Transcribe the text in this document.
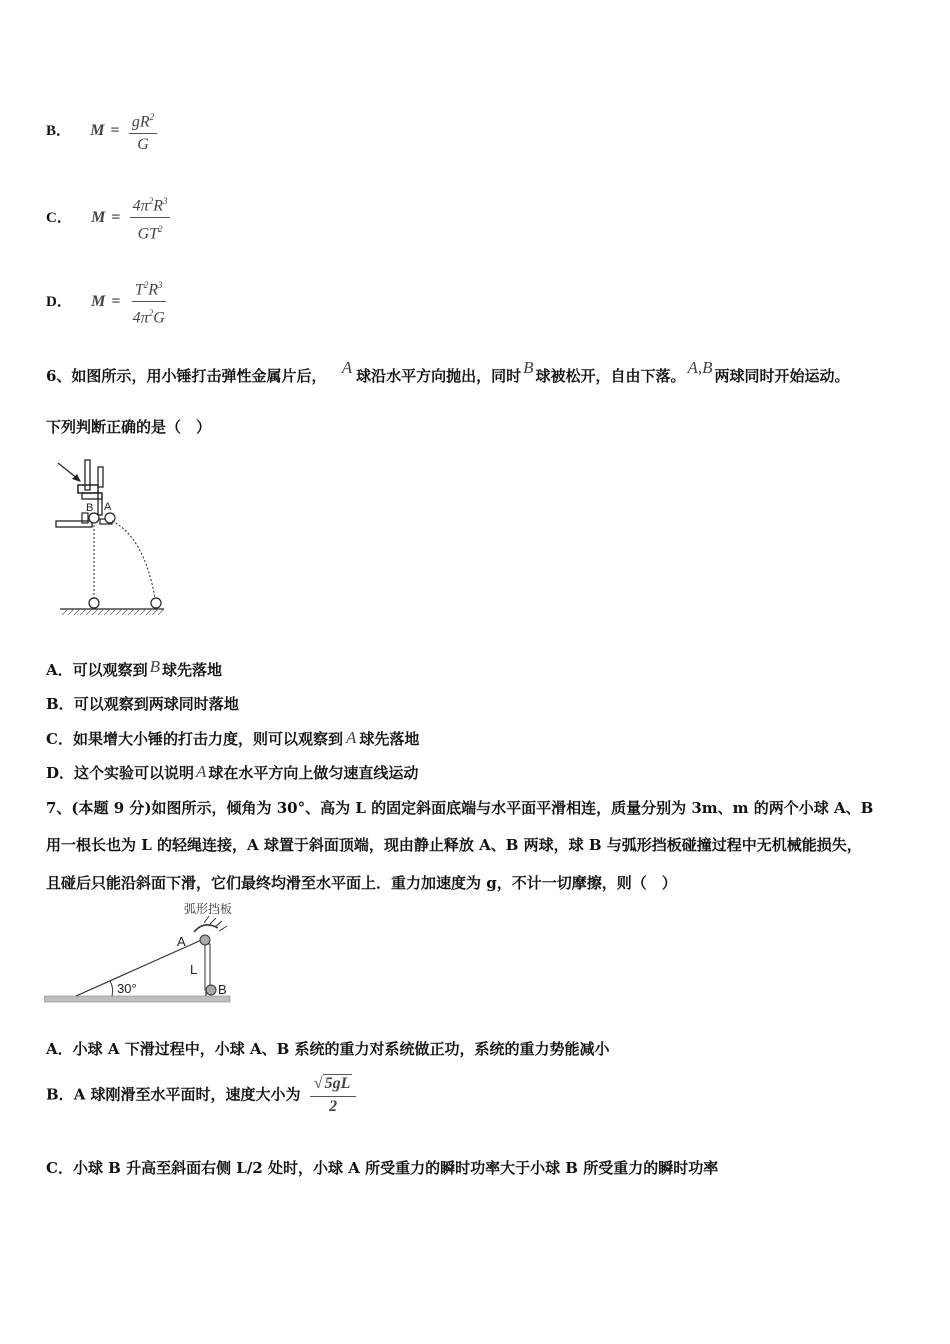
B． $M = \frac{gR^2}{G}$
C． $M = \frac{4\pi^2R^3}{GT^2}$
D． $M = \frac{T^2R^3}{4\pi^2G}$
6、如图所示，用小锤打击弹性金属片后， A 球沿水平方向抛出，同时 B 球被松开，自由下落。 A,B 两球同时开始运动。
下列判断正确的是（　）
B A
A．可以观察到 B 球先落地
B．可以观察到两球同时落地
C．如果增大小锤的打击力度，则可以观察到 A 球先落地
D．这个实验可以说明 A 球在水平方向上做匀速直线运动
7、(本题 9 分)如图所示，倾角为 30°、高为 L 的固定斜面底端与水平面平滑相连，质量分别为 3m、m 的两个小球 A、B
用一根长也为 L 的轻绳连接，A 球置于斜面顶端，现由静止释放 A、B 两球，球 B 与弧形挡板碰撞过程中无机械能损失，
且碰后只能沿斜面下滑，它们最终均滑至水平面上．重力加速度为 g，不计一切摩擦，则（　）
弧形挡板
A
L
B
30°
A．小球 A 下滑过程中，小球 A、B 系统的重力对系统做正功，系统的重力势能减小
B．A 球刚滑至水平面时，速度大小为 $\frac{√ 5gL}{2}$
C．小球 B 升高至斜面右侧 L/2 处时，小球 A 所受重力的瞬时功率大于小球 B 所受重力的瞬时功率
